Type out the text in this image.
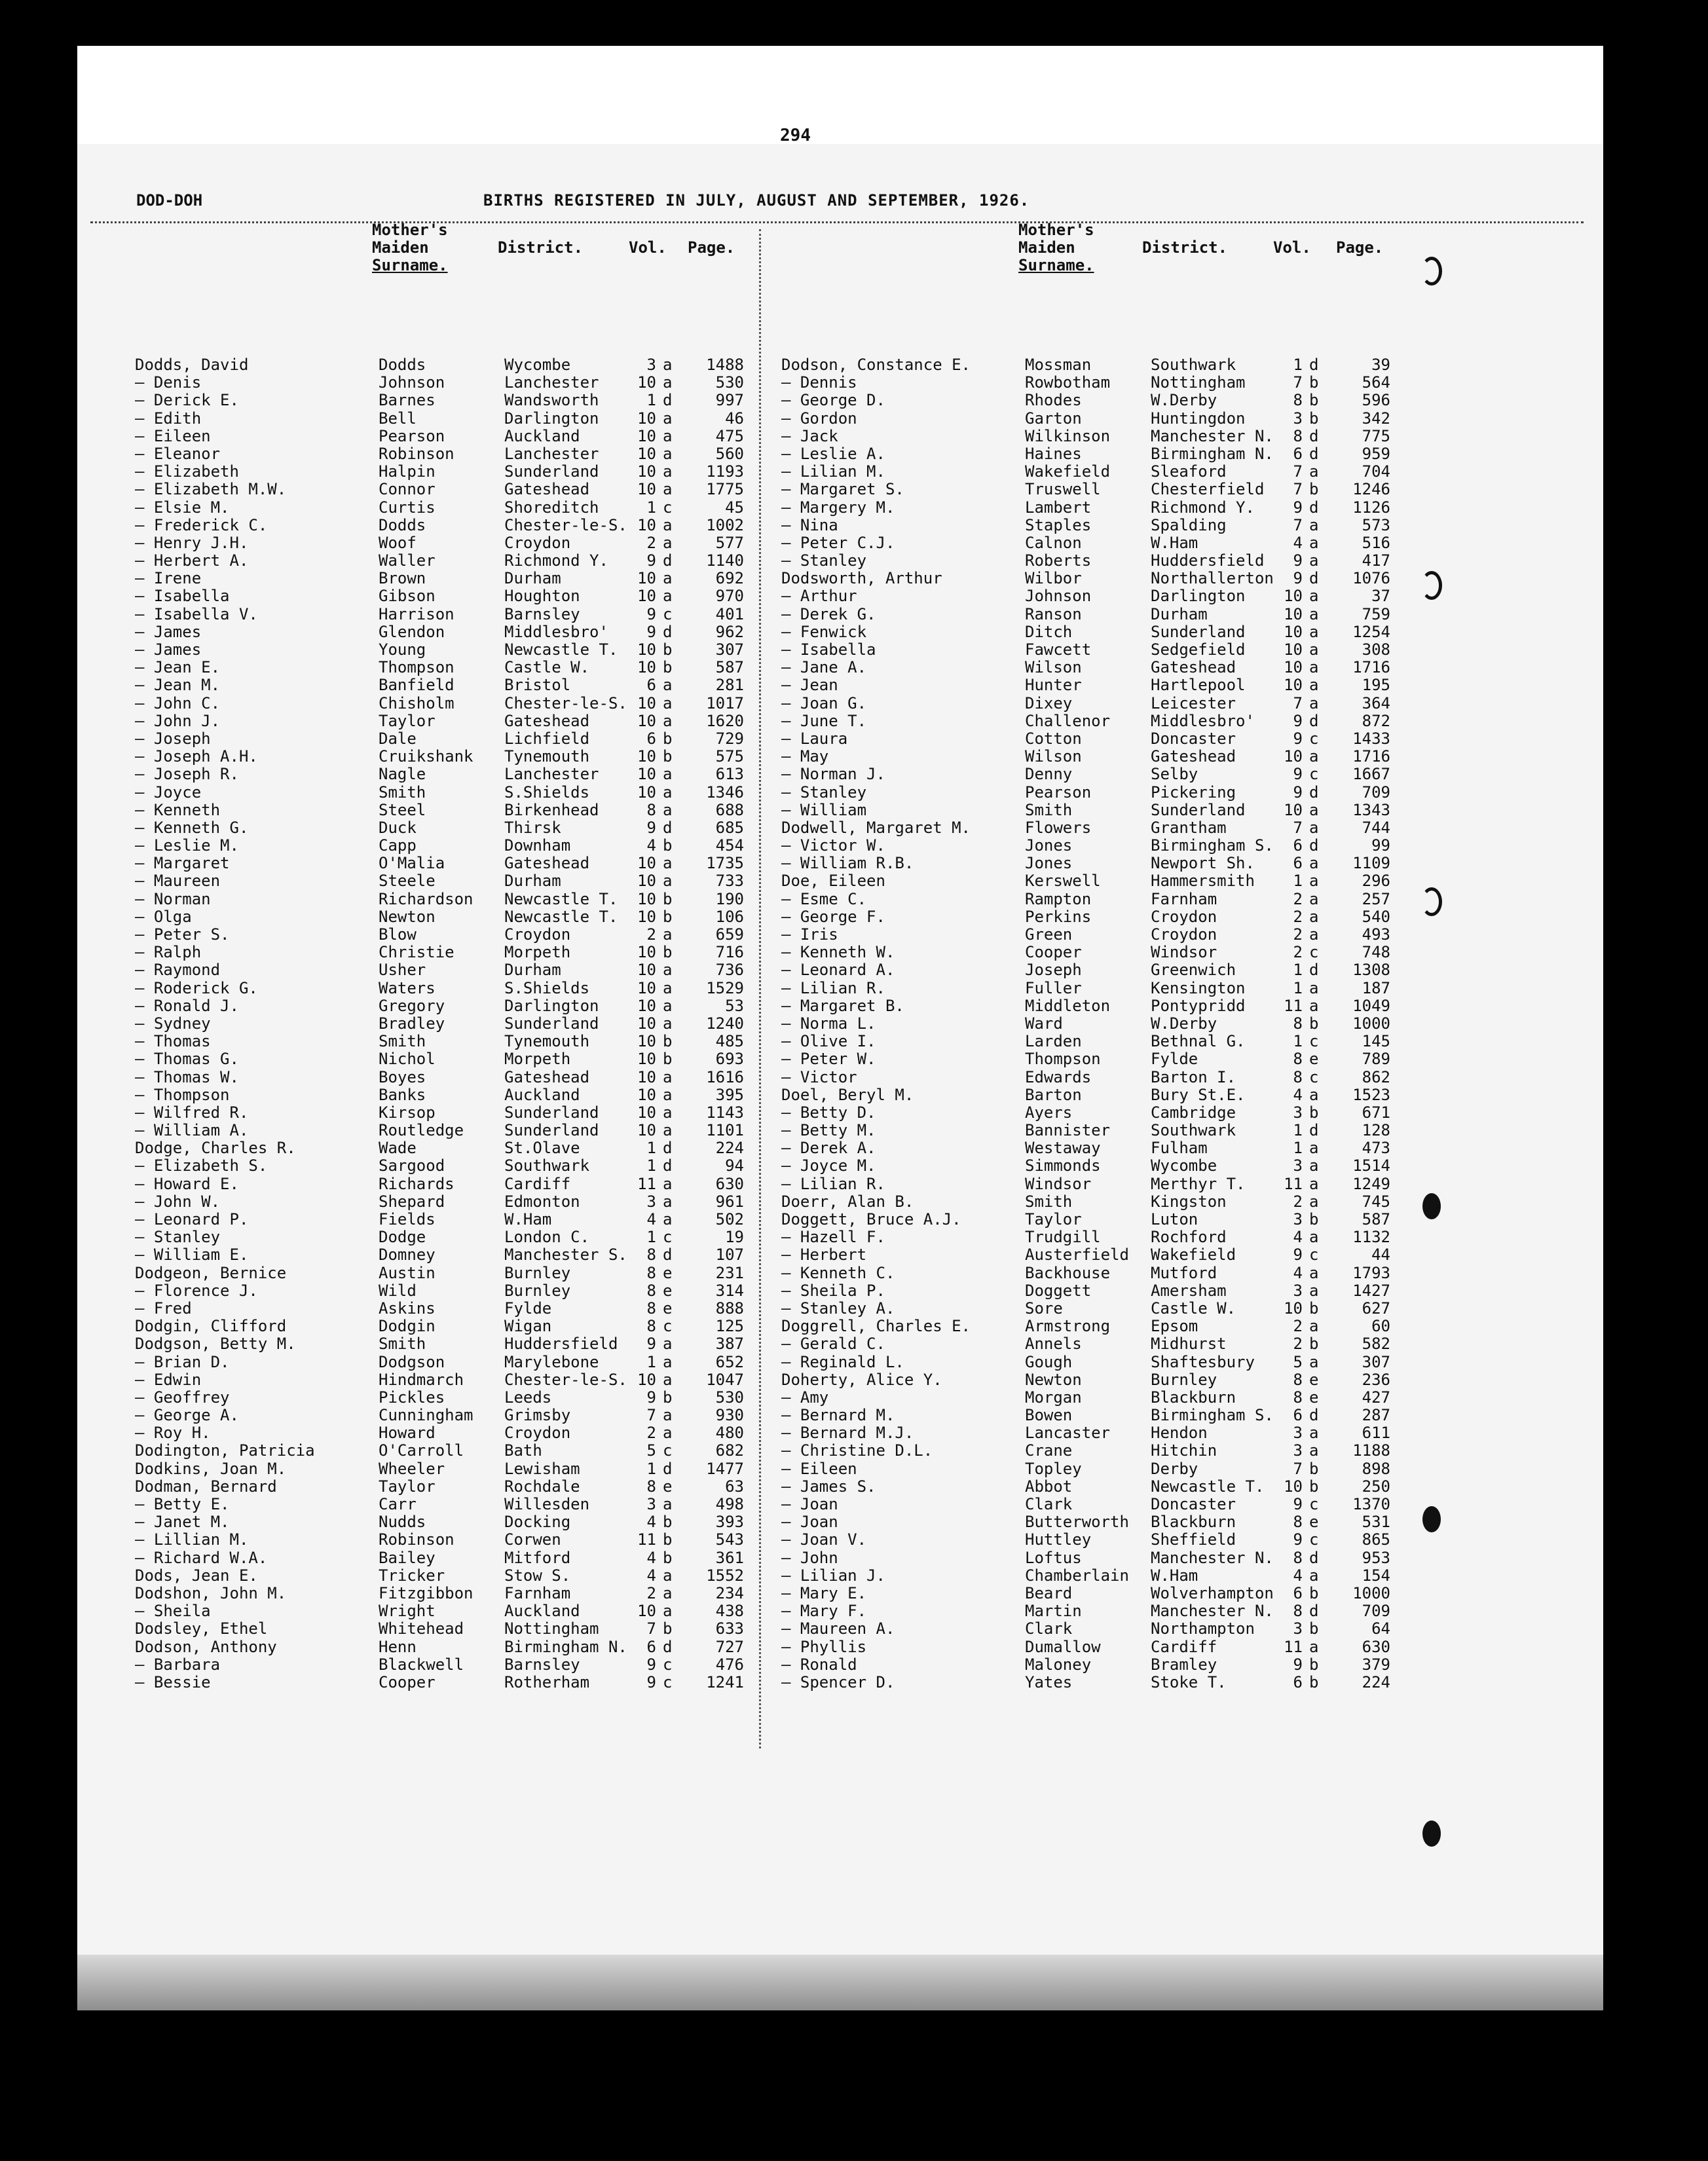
294
DOD-DOH	BIRTHS REGISTERED IN JULY, AUGUST AND SEPTEMBER, 1926.
Mother's
Maiden
Surname.
District.	Vol. Page.
Mother's
Maiden
Surname.
District.	Vol. Page.
Dodds, David	Dodds	Wycombe	3 a	1488
— Denis	Johnson	Lanchester	10 a	530
— Derick E.	Barnes	Wandsworth	1 d	997
— Edith	Bell	Darlington	10 a	46
— Eileen	Pearson	Auckland	10 a	475
— Eleanor	Robinson	Lanchester	10 a	560
— Elizabeth	Halpin	Sunderland	10 a	1193
— Elizabeth M.W.	Connor	Gateshead	10 a	1775
— Elsie M.	Curtis	Shoreditch	1 c	45
— Frederick C.	Dodds	Chester-le-S. 10 a	1002
— Henry J.H.	Woof	Croydon	2 a	577
— Herbert A.	Waller	Richmond Y.	9 d	1140
— Irene	Brown	Durham	10 a	692
— Isabella	Gibson	Houghton	10 a	970
— Isabella V.	Harrison	Barnsley	9 c	401
— James	Glendon	Middlesbro'	9 d	962
— James	Young	Newcastle T.	10 b	307
— Jean E.	Thompson	Castle W.	10 b	587
— Jean M.	Banfield	Bristol	6 a	281
— John C.	Chisholm	Chester-le-S. 10 a	1017
— John J.	Taylor	Gateshead	10 a	1620
— Joseph	Dale	Lichfield	6 b	729
— Joseph A.H.	Cruikshank Tynemouth	10 b	575
— Joseph R.	Nagle	Lanchester	10 a	613
— Joyce	Smith	S.Shields	10 a	1346
— Kenneth	Steel	Birkenhead	8 a	688
— Kenneth G.	Duck	Thirsk	9 d	685
— Leslie M.	Capp	Downham	4 b	454
— Margaret	O'Malia	Gateshead	10 a	1735
— Maureen	Steele	Durham	10 a	733
— Norman	Richardson Newcastle T.	10 b	190
— Olga	Newton	Newcastle T.	10 b	106
— Peter S.	Blow	Croydon	2 a	659
— Ralph	Christie	Morpeth	10 b	716
— Raymond	Usher	Durham	10 a	736
— Roderick G.	Waters	S.Shields	10 a	1529
— Ronald J.	Gregory	Darlington	10 a	53
— Sydney	Bradley	Sunderland	10 a	1240
— Thomas	Smith	Tynemouth	10 b	485
— Thomas G.	Nichol	Morpeth	10 b	693
— Thomas W.	Boyes	Gateshead	10 a	1616
— Thompson	Banks	Auckland	10 a	395
— Wilfred R.	Kirsop	Sunderland	10 a	1143
— William A.	Routledge	Sunderland	10 a	1101
Dodge, Charles R.	Wade	St.Olave	1 d	224
— Elizabeth S.	Sargood	Southwark	1 d	94
— Howard E.	Richards	Cardiff	11 a	630
— John W.	Shepard	Edmonton	3 a	961
— Leonard P.	Fields	W.Ham	4 a	502
— Stanley	Dodge	London C.	1 c	19
— William E.	Domney	Manchester S.	8 d	107
Dodgeon, Bernice	Austin	Burnley	8 e	231
— Florence J.	Wild	Burnley	8 e	314
— Fred	Askins	Fylde	8 e	888
Dodgin, Clifford	Dodgin	Wigan	8 c	125
Dodgson, Betty M.	Smith	Huddersfield	9 a	387
— Brian D.	Dodgson	Marylebone	1 a	652
— Edwin	Hindmarch	Chester-le-S. 10 a	1047
— Geoffrey	Pickles	Leeds	9 b	530
— George A.	Cunningham Grimsby	7 a	930
— Roy H.	Howard	Croydon	2 a	480
Dodington, Patricia	O'Carroll	Bath	5 c	682
Dodkins, Joan M.	Wheeler	Lewisham	1 d	1477
Dodman, Bernard	Taylor	Rochdale	8 e	63
— Betty E.	Carr	Willesden	3 a	498
— Janet M.	Nudds	Docking	4 b	393
— Lillian M.	Robinson	Corwen	11 b	543
— Richard W.A.	Bailey	Mitford	4 b	361
Dods, Jean E.	Tricker	Stow S.	4 a	1552
Dodshon, John M.	Fitzgibbon Farnham	2 a	234
— Sheila	Wright	Auckland	10 a	438
Dodsley, Ethel	Whitehead	Nottingham	7 b	633
Dodson, Anthony	Henn	Birmingham N.	6 d	727
— Barbara	Blackwell	Barnsley	9 c	476
— Bessie	Cooper	Rotherham	9 c	1241
Dodson, Constance E.	Mossman	Southwark	1 d	39
— Dennis	Rowbotham	Nottingham	7 b	564
— George D.	Rhodes	W.Derby	8 b	596
— Gordon	Garton	Huntingdon	3 b	342
— Jack	Wilkinson	Manchester N.	8 d	775
— Leslie A.	Haines	Birmingham N.	6 d	959
— Lilian M.	Wakefield	Sleaford	7 a	704
— Margaret S.	Truswell	Chesterfield	7 b	1246
— Margery M.	Lambert	Richmond Y.	9 d	1126
— Nina	Staples	Spalding	7 a	573
— Peter C.J.	Calnon	W.Ham	4 a	516
— Stanley	Roberts	Huddersfield	9 a	417
Dodsworth, Arthur	Wilbor	Northallerton	9 d	1076
— Arthur	Johnson	Darlington	10 a	37
— Derek G.	Ranson	Durham	10 a	759
— Fenwick	Ditch	Sunderland	10 a	1254
— Isabella	Fawcett	Sedgefield	10 a	308
— Jane A.	Wilson	Gateshead	10 a	1716
— Jean	Hunter	Hartlepool	10 a	195
— Joan G.	Dixey	Leicester	7 a	364
— June T.	Challenor	Middlesbro'	9 d	872
— Laura	Cotton	Doncaster	9 c	1433
— May	Wilson	Gateshead	10 a	1716
— Norman J.	Denny	Selby	9 c	1667
— Stanley	Pearson	Pickering	9 d	709
— William	Smith	Sunderland	10 a	1343
Dodwell, Margaret M.	Flowers	Grantham	7 a	744
— Victor W.	Jones	Birmingham S.	6 d	99
— William R.B.	Jones	Newport Sh.	6 a	1109
Doe, Eileen	Kerswell	Hammersmith	1 a	296
— Esme C.	Rampton	Farnham	2 a	257
— George F.	Perkins	Croydon	2 a	540
— Iris	Green	Croydon	2 a	493
— Kenneth W.	Cooper	Windsor	2 c	748
— Leonard A.	Joseph	Greenwich	1 d	1308
— Lilian R.	Fuller	Kensington	1 a	187
— Margaret B.	Middleton	Pontypridd	11 a	1049
— Norma L.	Ward	W.Derby	8 b	1000
— Olive I.	Larden	Bethnal G.	1 c	145
— Peter W.	Thompson	Fylde	8 e	789
— Victor	Edwards	Barton I.	8 c	862
Doel, Beryl M.	Barton	Bury St.E.	4 a	1523
— Betty D.	Ayers	Cambridge	3 b	671
— Betty M.	Bannister	Southwark	1 d	128
— Derek A.	Westaway	Fulham	1 a	473
— Joyce M.	Simmonds	Wycombe	3 a	1514
— Lilian R.	Windsor	Merthyr T.	11 a	1249
Doerr, Alan B.	Smith	Kingston	2 a	745
Doggett, Bruce A.J.	Taylor	Luton	3 b	587
— Hazell F.	Trudgill	Rochford	4 a	1132
— Herbert	Austerfield Wakefield	9 c	44
— Kenneth C.	Backhouse	Mutford	4 a	1793
— Sheila P.	Doggett	Amersham	3 a	1427
— Stanley A.	Sore	Castle W.	10 b	627
Doggrell, Charles E.	Armstrong	Epsom	2 a	60
— Gerald C.	Annels	Midhurst	2 b	582
— Reginald L.	Gough	Shaftesbury	5 a	307
Doherty, Alice Y.	Newton	Burnley	8 e	236
— Amy	Morgan	Blackburn	8 e	427
— Bernard M.	Bowen	Birmingham S.	6 d	287
— Bernard M.J.	Lancaster	Hendon	3 a	611
— Christine D.L.	Crane	Hitchin	3 a	1188
— Eileen	Topley	Derby	7 b	898
— James S.	Abbot	Newcastle T.	10 b	250
— Joan	Clark	Doncaster	9 c	1370
— Joan	Butterworth Blackburn	8 e	531
— Joan V.	Huttley	Sheffield	9 c	865
— John	Loftus	Manchester N.	8 d	953
— Lilian J.	Chamberlain W.Ham	4 a	154
— Mary E.	Beard	Wolverhampton	6 b	1000
— Mary F.	Martin	Manchester N.	8 d	709
— Maureen A.	Clark	Northampton	3 b	64
— Phyllis	Dumallow	Cardiff	11 a	630
— Ronald	Maloney	Bramley	9 b	379
— Spencer D.	Yates	Stoke T.	6 b	224
